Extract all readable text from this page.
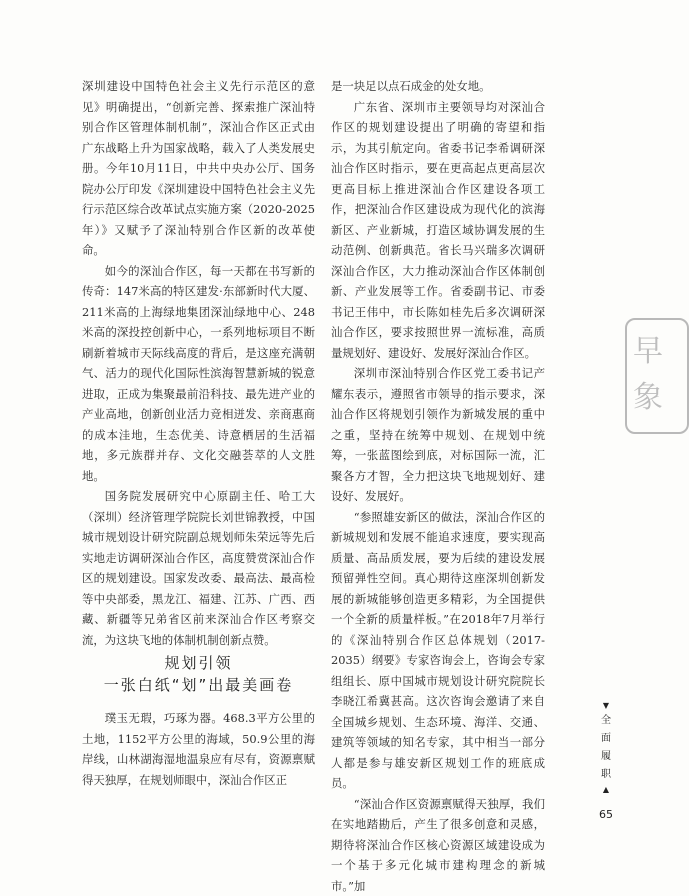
深圳建设中国特色社会主义先行示范区的意见》明确提出，“创新完善、探索推广深汕特别合作区管理体制机制”，深汕合作区正式由广东战略上升为国家战略，载入了人类发展史册。今年10月11日，中共中央办公厅、国务院办公厅印发《深圳建设中国特色社会主义先行示范区综合改革试点实施方案（2020-2025年）》又赋予了深汕特别合作区新的改革使命。

如今的深汕合作区，每一天都在书写新的传奇：147米高的特区建发·东部新时代大厦、211米高的上海绿地集团深汕绿地中心、248米高的深投控创新中心，一系列地标项目不断刷新着城市天际线高度的背后，是这座充满朝气、活力的现代化国际性滨海智慧新城的锐意进取，正成为集聚最前沿科技、最先进产业的产业高地，创新创业活力竞相迸发、亲商惠商的成本洼地，生态优美、诗意栖居的生活福地，多元族群并存、文化交融荟萃的人文胜地。

国务院发展研究中心原副主任、哈工大（深圳）经济管理学院院长刘世锦教授，中国城市规划设计研究院副总规划师朱荣远等先后实地走访调研深汕合作区，高度赞赏深汕合作区的规划建设。国家发改委、最高法、最高检等中央部委，黑龙江、福建、江苏、广西、西藏、新疆等兄弟省区前来深汕合作区考察交流，为这块飞地的体制机制创新点赞。

规划引领
一张白纸“划”出最美画卷

璞玉无瑕，巧琢为器。468.3平方公里的土地，1152平方公里的海域，50.9公里的海岸线，山林湖海湿地温泉应有尽有，资源禀赋得天独厚，在规划师眼中，深汕合作区正

是一块足以点石成金的处女地。

广东省、深圳市主要领导均对深汕合作区的规划建设提出了明确的寄望和指示，为其引航定向。省委书记李希调研深汕合作区时指示，要在更高起点更高层次更高目标上推进深汕合作区建设各项工作，把深汕合作区建设成为现代化的滨海新区、产业新城，打造区域协调发展的生动范例、创新典范。省长马兴瑞多次调研深汕合作区，大力推动深汕合作区体制创新、产业发展等工作。省委副书记、市委书记王伟中，市长陈如桂先后多次调研深汕合作区，要求按照世界一流标准，高质量规划好、建设好、发展好深汕合作区。

深圳市深汕特别合作区党工委书记产耀东表示，遵照省市领导的指示要求，深汕合作区将规划引领作为新城发展的重中之重，坚持在统筹中规划、在规划中统筹，一张蓝图绘到底，对标国际一流，汇聚各方才智，全力把这块飞地规划好、建设好、发展好。

“参照雄安新区的做法，深汕合作区的新城规划和发展不能追求速度，要实现高质量、高品质发展，要为后续的建设发展预留弹性空间。真心期待这座深圳创新发展的新城能够创造更多精彩，为全国提供一个全新的质量样板。”在2018年7月举行的《深汕特别合作区总体规划（2017-2035）纲要》专家咨询会上，咨询会专家组组长、原中国城市规划设计研究院院长李晓江希冀甚高。这次咨询会邀请了来自全国城乡规划、生态环境、海洋、交通、建筑等领域的知名专家，其中相当一部分人都是参与雄安新区规划工作的班底成员。

“深汕合作区资源禀赋得天独厚，我们在实地踏勘后，产生了很多创意和灵感，期待将深汕合作区核心资源区域建设成为一个基于多元化城市建构理念的新城市。”加

▼
全
面
履
职
▲
65
早
象
